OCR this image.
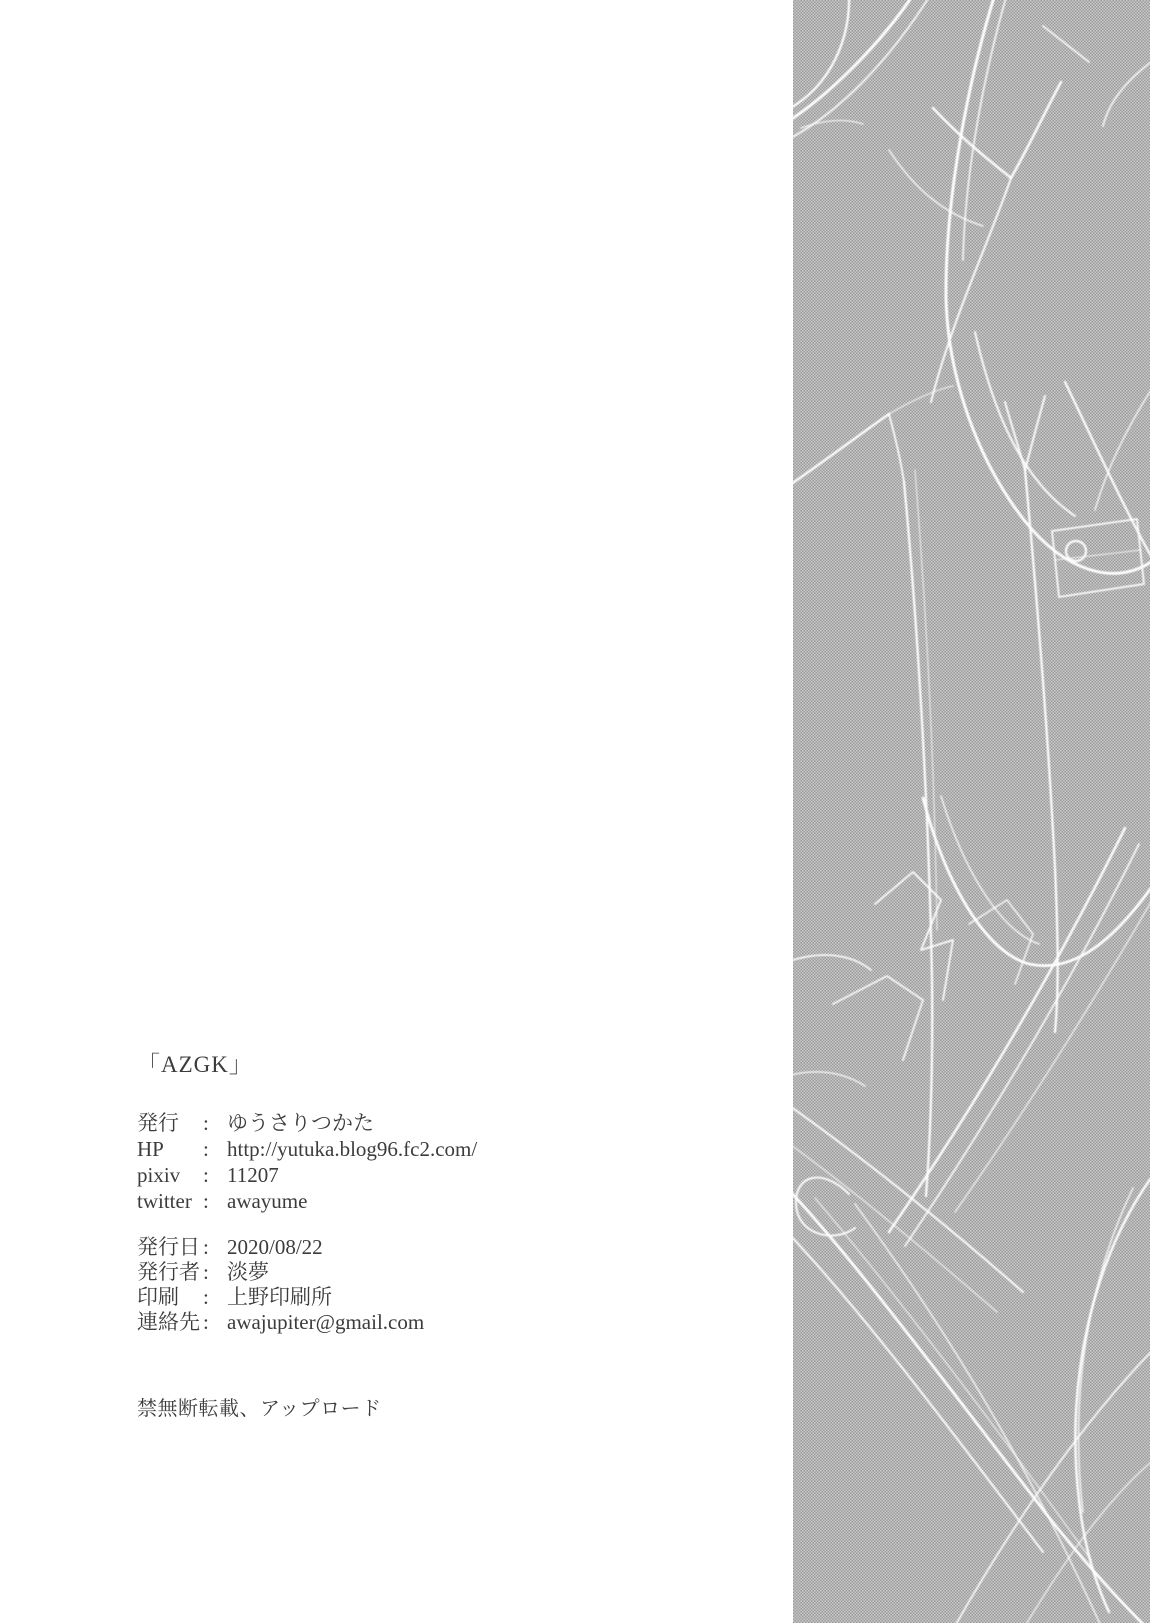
「AZGK」
発行 : ゆうさりつかた
HP : http://yutuka.blog96.fc2.com/
pixiv : 11207
twitter : awayume
発行日 : 2020/08/22
発行者 : 淡夢
印刷 : 上野印刷所
連絡先 : awajupiter@gmail.com
禁無断転載、アップロード
